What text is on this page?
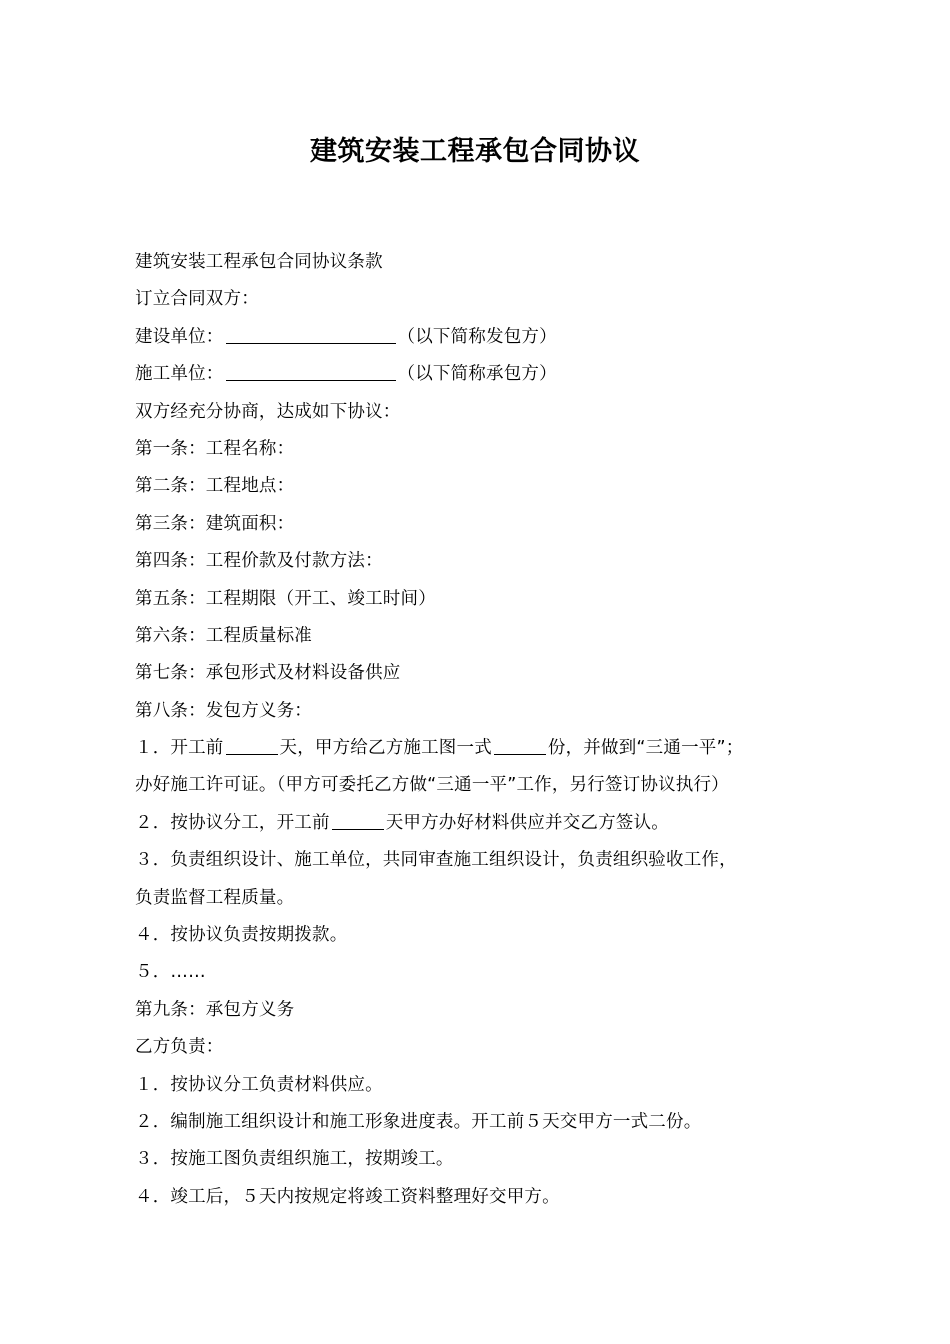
建筑安装工程承包合同协议
建筑安装工程承包合同协议条款
订立合同双方：
建设单位：	（以下简称发包方）
施工单位：	（以下简称承包方）
双方经充分协商，达成如下协议：
第一条：工程名称：
第二条：工程地点：
第三条：建筑面积：
第四条：工程价款及付款方法：
第五条：工程期限（开工、竣工时间）
第六条：工程质量标准
第七条：承包形式及材料设备供应
第八条：发包方义务：
１．开工前	天，甲方给乙方施工图一式	份，并做到“三通一平”；
办好施工许可证。（甲方可委托乙方做“三通一平”工作，另行签订协议执行）
２．按协议分工，开工前	天甲方办好材料供应并交乙方签认。
３．负责组织设计、施工单位，共同审查施工组织设计，负责组织验收工作，
负责监督工程质量。
４．按协议负责按期拨款。
５．……
第九条：承包方义务
乙方负责：
１．按协议分工负责材料供应。
２．编制施工组织设计和施工形象进度表。开工前５天交甲方一式二份。
３．按施工图负责组织施工，按期竣工。
４．竣工后，５天内按规定将竣工资料整理好交甲方。
